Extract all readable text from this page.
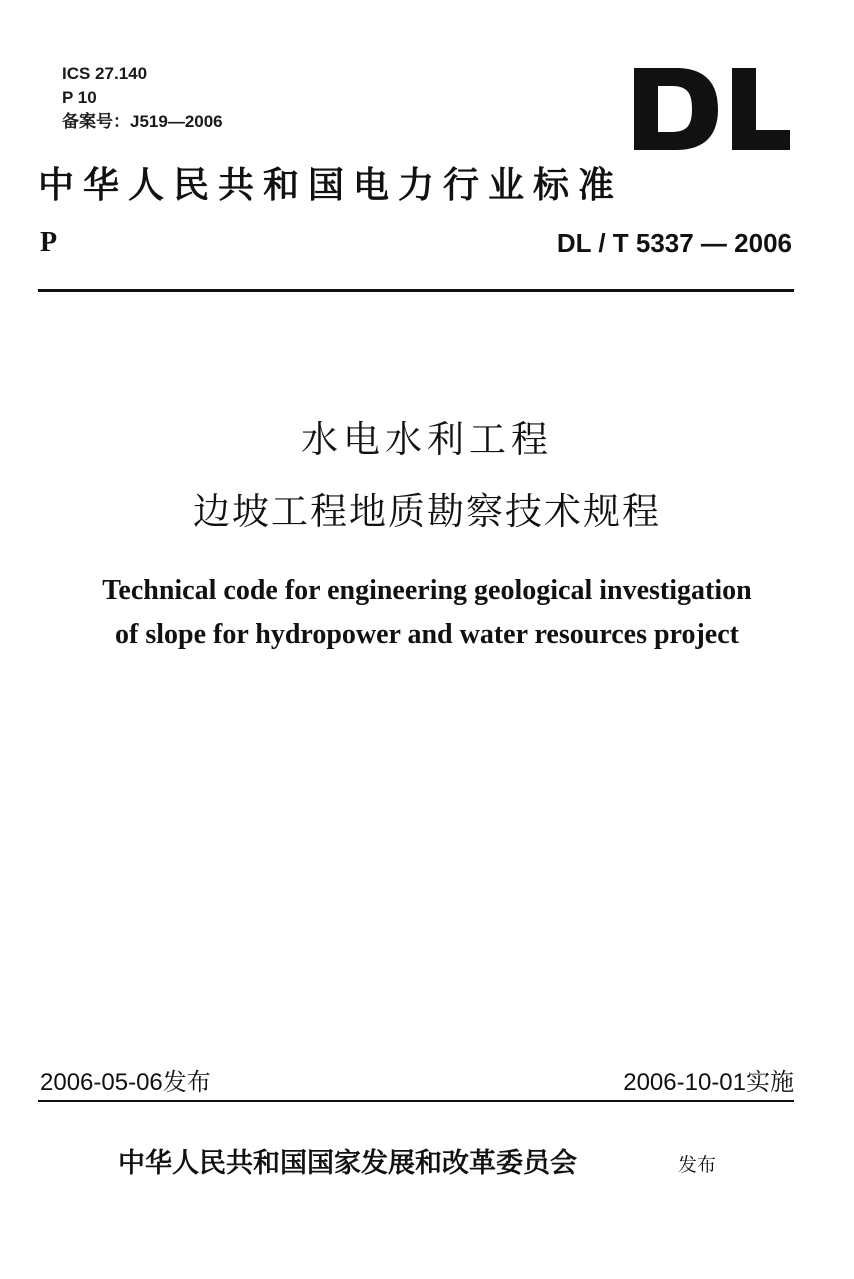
ICS 27.140
P 10
备案号：J519—2006
中华人民共和国电力行业标准
P	DL / T 5337 — 2006
水电水利工程
边坡工程地质勘察技术规程
Technical code for engineering geological investigation
of slope for hydropower and water resources project
2006-05-06发布	2006-10-01实施
中华人民共和国国家发展和改革委员会	发布
